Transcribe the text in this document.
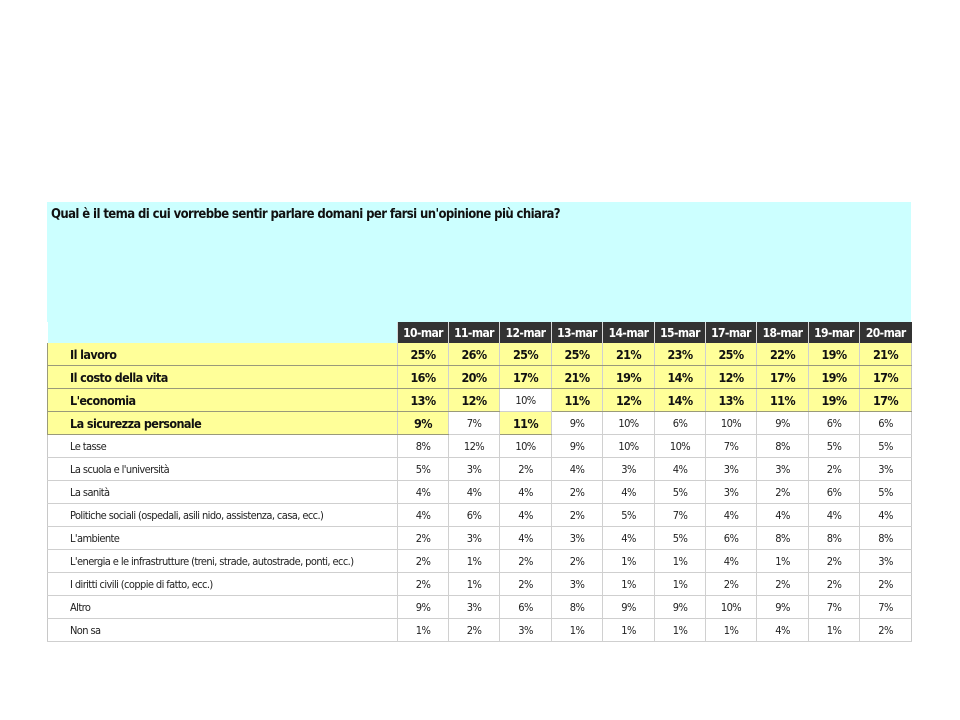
Qual è il tema di cui vorrebbe sentir parlare domani per farsi un'opinione più chiara?
	10-mar	11-mar	12-mar	13-mar	14-mar	15-mar	17-mar	18-mar	19-mar	20-mar
Il lavoro	25%	26%	25%	25%	21%	23%	25%	22%	19%	21%
Il costo della vita	16%	20%	17%	21%	19%	14%	12%	17%	19%	17%
L'economia	13%	12%	10%	11%	12%	14%	13%	11%	19%	17%
La sicurezza personale	9%	7%	11%	9%	10%	6%	10%	9%	6%	6%
Le tasse	8%	12%	10%	9%	10%	10%	7%	8%	5%	5%
La scuola e l'università	5%	3%	2%	4%	3%	4%	3%	3%	2%	3%
La sanità	4%	4%	4%	2%	4%	5%	3%	2%	6%	5%
Politiche sociali (ospedali, asili nido, assistenza, casa, ecc.)	4%	6%	4%	2%	5%	7%	4%	4%	4%	4%
L'ambiente	2%	3%	4%	3%	4%	5%	6%	8%	8%	8%
L'energia e le infrastrutture (treni, strade, autostrade, ponti, ecc.)	2%	1%	2%	2%	1%	1%	4%	1%	2%	3%
I diritti civili (coppie di fatto, ecc.)	2%	1%	2%	3%	1%	1%	2%	2%	2%	2%
Altro	9%	3%	6%	8%	9%	9%	10%	9%	7%	7%
Non sa	1%	2%	3%	1%	1%	1%	1%	4%	1%	2%
